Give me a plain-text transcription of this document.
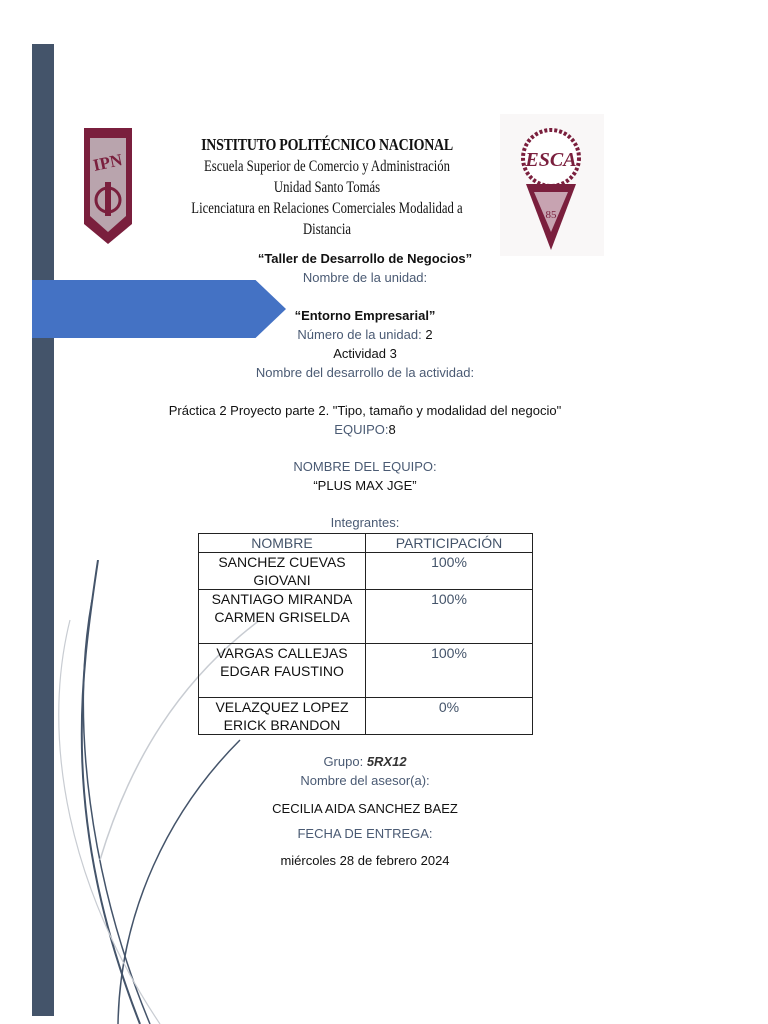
IPN	ESCA
85
INSTITUTO POLITÉCNICO NACIONAL
Escuela Superior de Comercio y Administración
Unidad Santo Tomás
Licenciatura en Relaciones Comerciales Modalidad a Distancia
“Taller de Desarrollo de Negocios”
Nombre de la unidad:
“Entorno Empresarial”
Número de la unidad: 2
Actividad 3
Nombre del desarrollo de la actividad:
Práctica 2 Proyecto parte 2. "Tipo, tamaño y modalidad del negocio"
EQUIPO:8
NOMBRE DEL EQUIPO:
“PLUS MAX JGE”
Integrantes:
NOMBRE	PARTICIPACIÓN

SANCHEZ CUEVAS
GIOVANI	100%

SANTIAGO MIRANDA
CARMEN GRISELDA	100%

VARGAS CALLEJAS
EDGAR FAUSTINO	100%

VELAZQUEZ LOPEZ
ERICK BRANDON	0%
Grupo: 5RX12
Nombre del asesor(a):
CECILIA AIDA SANCHEZ BAEZ
FECHA DE ENTREGA:
miércoles 28 de febrero 2024
